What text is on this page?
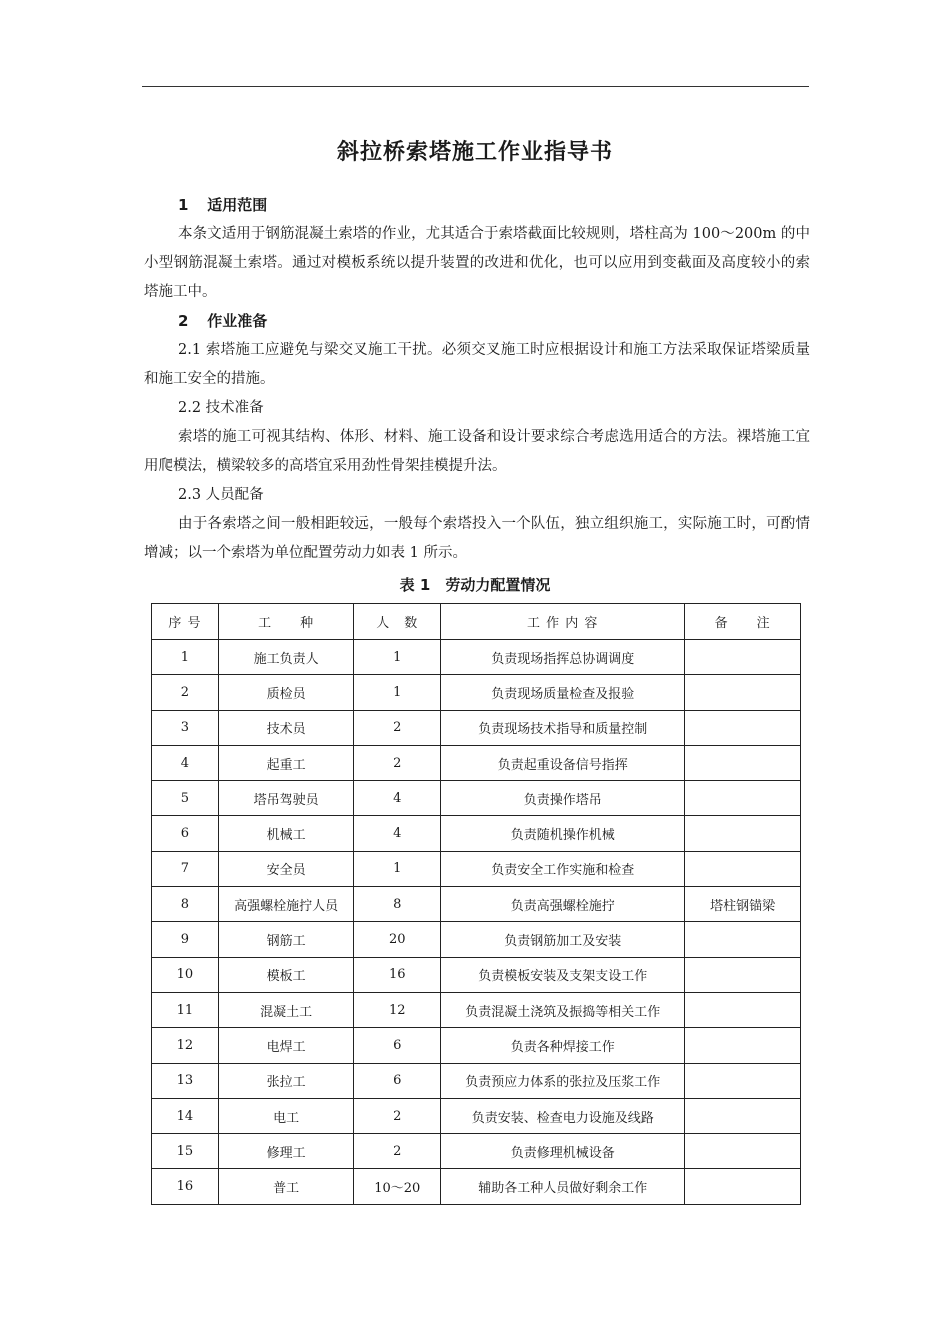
斜拉桥索塔施工作业指导书
1 适用范围

本条文适用于钢筋混凝土索塔的作业，尤其适合于索塔截面比较规则，塔柱高为 100～200m 的中小型钢筋混凝土索塔。通过对模板系统以提升装置的改进和优化，也可以应用到变截面及高度较小的索塔施工中。

2 作业准备

2.1 索塔施工应避免与梁交叉施工干扰。必须交叉施工时应根据设计和施工方法采取保证塔梁质量和施工安全的措施。

2.2 技术准备

索塔的施工可视其结构、体形、材料、施工设备和设计要求综合考虑选用适合的方法。裸塔施工宜用爬模法，横梁较多的高塔宜采用劲性骨架挂模提升法。

2.3 人员配备

由于各索塔之间一般相距较远，一般每个索塔投入一个队伍，独立组织施工，实际施工时，可酌情增减；以一个索塔为单位配置劳动力如表 1 所示。

表 1　劳动力配置情况
序 号	工　　种	人　数	工 作 内 容	备　　注
1	施工负责人	1	负责现场指挥总协调调度	
2	质检员	1	负责现场质量检查及报验	
3	技术员	2	负责现场技术指导和质量控制	
4	起重工	2	负责起重设备信号指挥	
5	塔吊驾驶员	4	负责操作塔吊	
6	机械工	4	负责随机操作机械	
7	安全员	1	负责安全工作实施和检查	
8	高强螺栓施拧人员	8	负责高强螺栓施拧	塔柱钢锚梁
9	钢筋工	20	负责钢筋加工及安装	
10	模板工	16	负责模板安装及支架支设工作	
11	混凝土工	12	负责混凝土浇筑及振捣等相关工作	
12	电焊工	6	负责各种焊接工作	
13	张拉工	6	负责预应力体系的张拉及压浆工作	
14	电工	2	负责安装、检查电力设施及线路	
15	修理工	2	负责修理机械设备	
16	普工	10～20	辅助各工种人员做好剩余工作	
